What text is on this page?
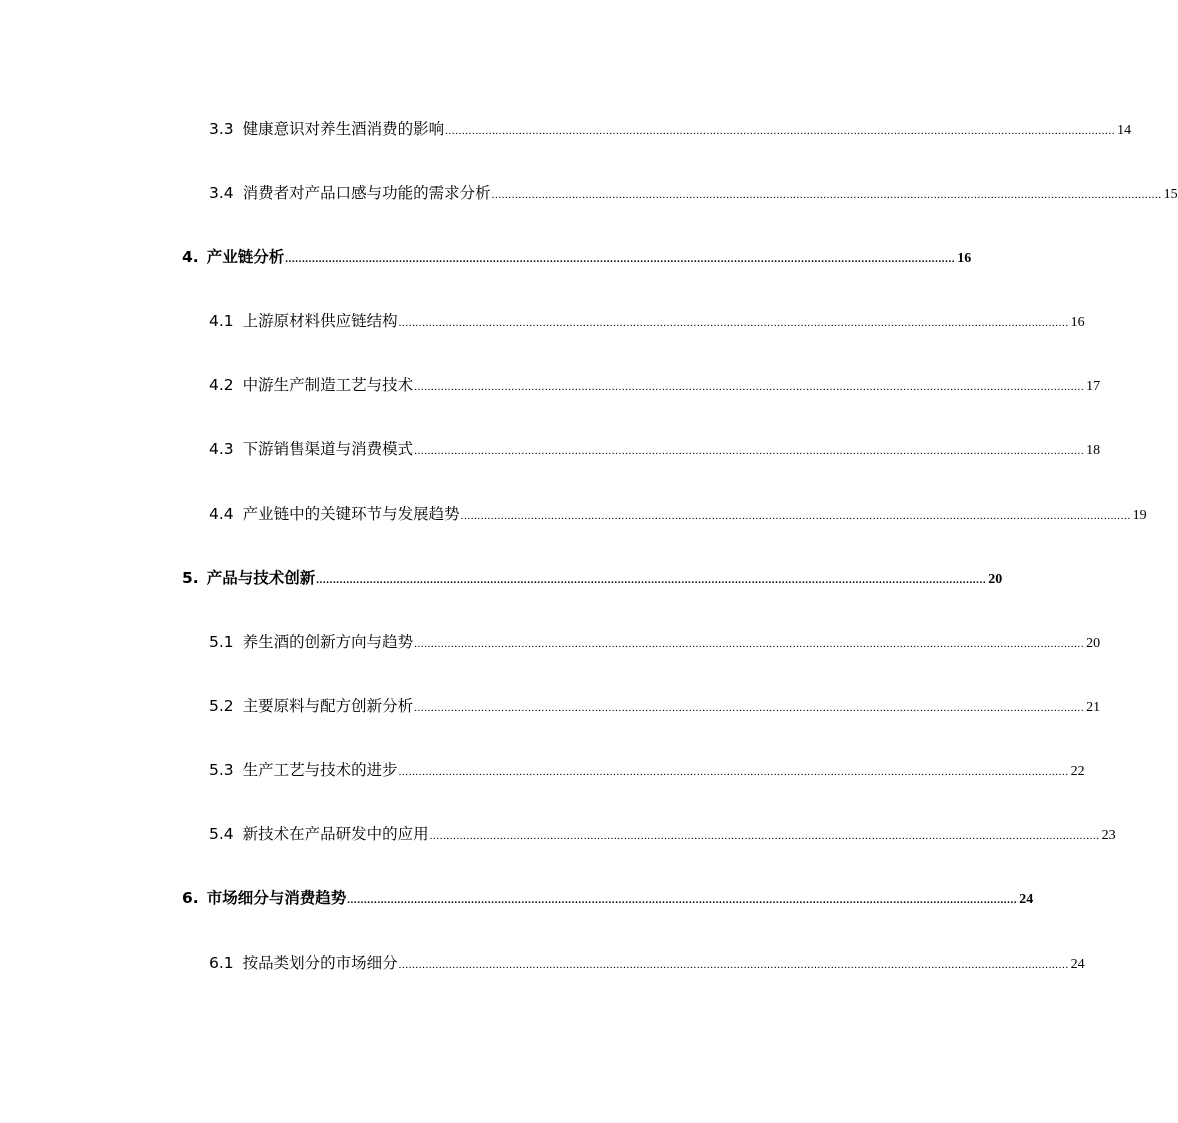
3.3 健康意识对养生酒消费的影响 ........................................................................................................................................................................................................ 14
3.4 消费者对产品口感与功能的需求分析 ........................................................................................................................................................................................................ 15
4. 产业链分析 ........................................................................................................................................................................................................ 16
4.1 上游原材料供应链结构 ........................................................................................................................................................................................................ 16
4.2 中游生产制造工艺与技术 ........................................................................................................................................................................................................ 17
4.3 下游销售渠道与消费模式 ........................................................................................................................................................................................................ 18
4.4 产业链中的关键环节与发展趋势 ........................................................................................................................................................................................................ 19
5. 产品与技术创新 ........................................................................................................................................................................................................ 20
5.1 养生酒的创新方向与趋势 ........................................................................................................................................................................................................ 20
5.2 主要原料与配方创新分析 ........................................................................................................................................................................................................ 21
5.3 生产工艺与技术的进步 ........................................................................................................................................................................................................ 22
5.4 新技术在产品研发中的应用 ........................................................................................................................................................................................................ 23
6. 市场细分与消费趋势 ........................................................................................................................................................................................................ 24
6.1 按品类划分的市场细分 ........................................................................................................................................................................................................ 24
